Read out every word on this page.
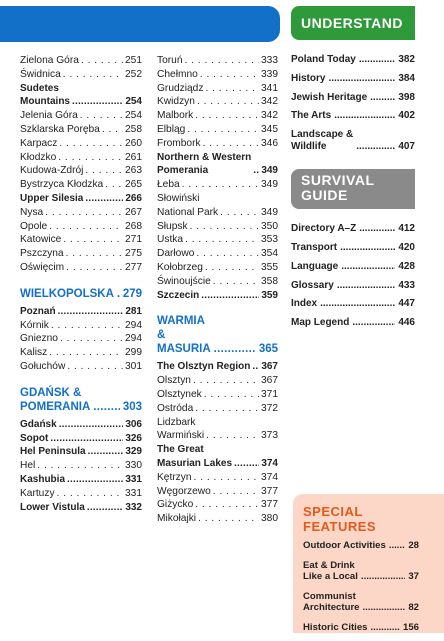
Zielona Góra . . .	251
Świdnica . . .	252
Sudetes
Mountains .....	254
Jelenia Góra . . .	254
Szklarska Poręba . . . 258
Karpacz . . .	260
Kłodzko . . .	261
Kudowa-Zdrój . . .	263
Bystrzyca Kłodzka . . . 265
Upper Silesia .....	266
Nysa . . .	267
Opole . . .	268
Katowice . . .	271
Pszczyna . . .	275
Oświęcim . . .	277
WIELKOPOLSKA ..... 279
Poznań .....	281
Kórnik . . .	294
Gniezno . . .	294
Kalisz . . .	299
Gołuchów . . .	301
GDAŃSK &
POMERANIA .....	303
Gdańsk .....	306
Sopot .....	326
Hel Peninsula .....	329
Hel . . .	330
Kashubia .....	331
Kartuzy . . .	331
Lower Vistula .....	332
Toruń . . .	333
Chełmno . . .	339
Grudziądz . . .	341
Kwidzyn . . .	342
Malbork . . .	342
Elbląg . . .	345
Frombork . . .	346
Northern & Western
Pomerania .....	349
Łeba . . .	349
Słowiński
National Park . . .	349
Słupsk . . .	350
Ustka . . .	353
Darłowo . . .	354
Kołobrzeg . . .	355
Świnoujście . . .	358
Szczecin .....	359
WARMIA &
MASURIA .....	365
The Olsztyn Region ..... 367
Olsztyn . . .	367
Olsztynek . . .	371
Ostróda . . .	372
Lidzbark
Warmiński . . .	373
The Great
Masurian Lakes .....	374
Kętrzyn . . .	374
Węgorzewo . . .	377
Giżycko . . .	377
Mikołajki . . .	380
UNDERSTAND
Poland Today .....	382
History .....	384
Jewish Heritage .....	398
The Arts .....	402
Landscape &
Wildlife .....	407
SURVIVAL
GUIDE
Directory A–Z .....	412
Transport .....	420
Language .....	428
Glossary .....	433
Index .....	447
Map Legend .....	446
SPECIAL
FEATURES
Outdoor Activities ..... 28
Eat & Drink
Like a Local .....	37
Communist
Architecture .....	82
Historic Cities .....	156
